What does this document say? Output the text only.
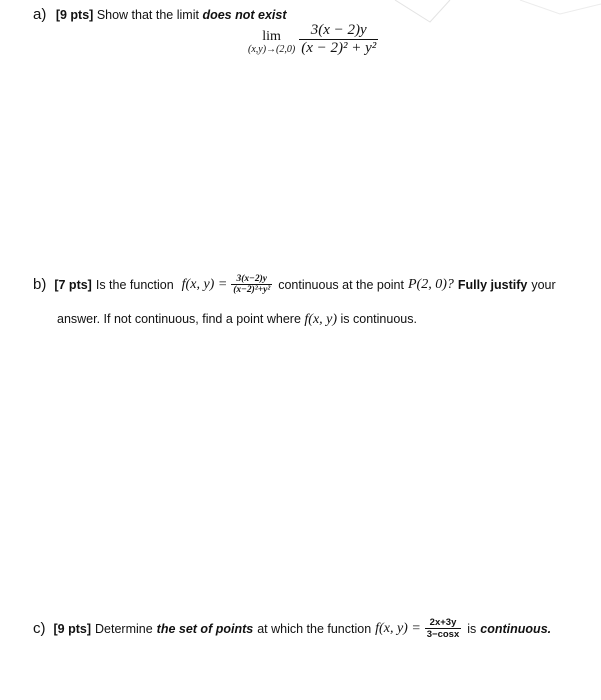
a) [9 pts] Show that the limit does not exist
lim
$(x,y)\to(2,0) \frac{3(x - 2)y}{\text{(x − 2)² + y²}}$
b) [7 pts] Is the function f(x, $y) = \frac{3(x-2)y}{\text{(x−2)²+y²}}$ continuous at the point P(2, 0)? Fully justify your
answer. If not continuous, find a point where f(x, y) is continuous.
c) [9 pts] Determine the set of points at which the function f(x, $y) = \frac{2x+3y}{3-\cos x}$ is continuous.
